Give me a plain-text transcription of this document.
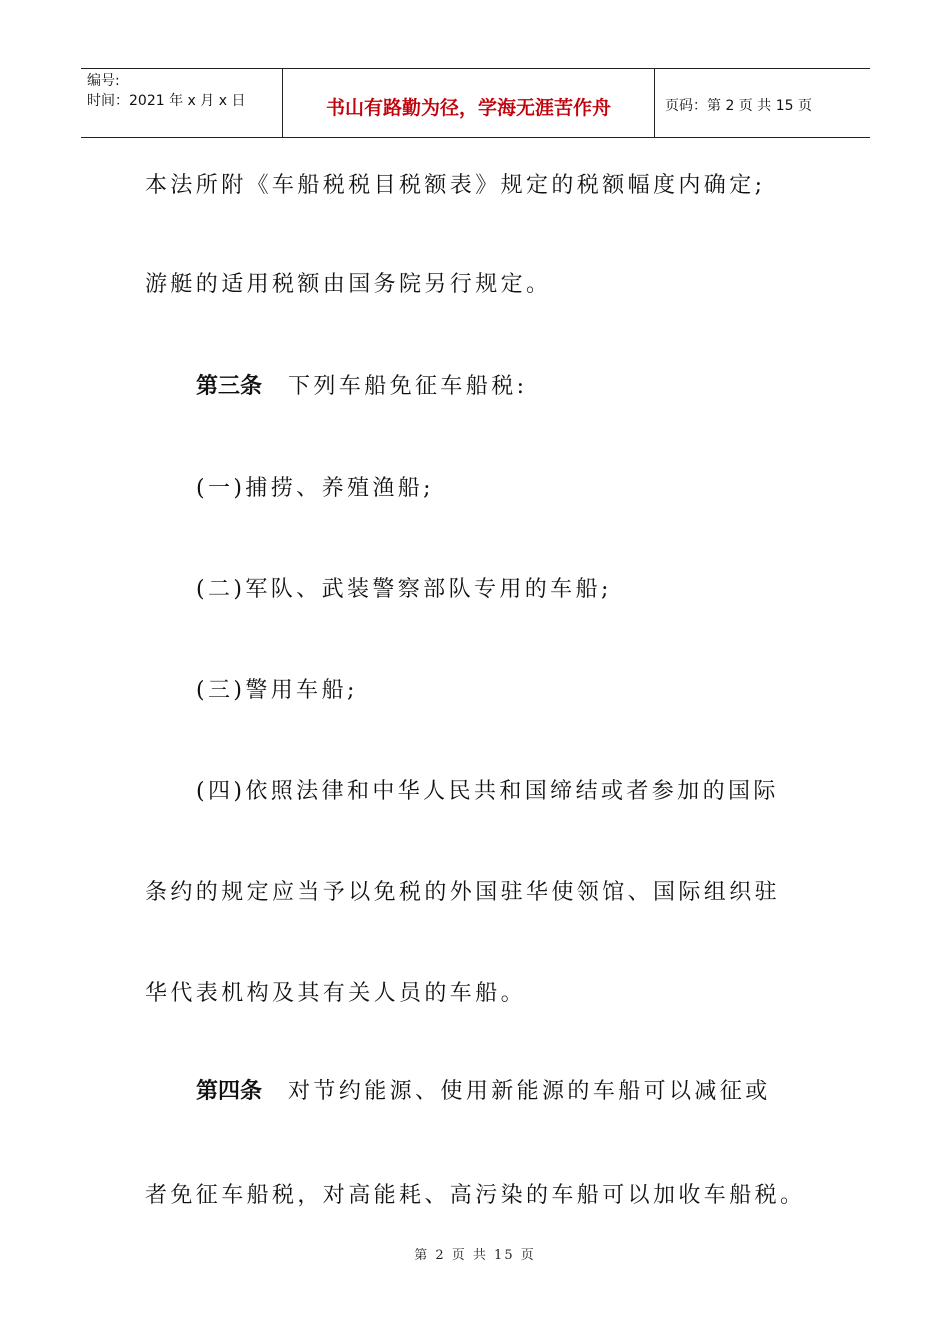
编号:
时间：2021 年 x 月 x 日	书山有路勤为径，学海无涯苦作舟	页码：第 2 页 共 15 页
本法所附《车船税税目税额表》规定的税额幅度内确定;
游艇的适用税额由国务院另行规定。
第三条 下列车船免征车船税:
(一)捕捞、养殖渔船;
(二)军队、武装警察部队专用的车船;
(三)警用车船;
(四)依照法律和中华人民共和国缔结或者参加的国际
条约的规定应当予以免税的外国驻华使领馆、国际组织驻
华代表机构及其有关人员的车船。
第四条 对节约能源、使用新能源的车船可以减征或
者免征车船税，对高能耗、高污染的车船可以加收车船税。
第 2 页 共 15 页
